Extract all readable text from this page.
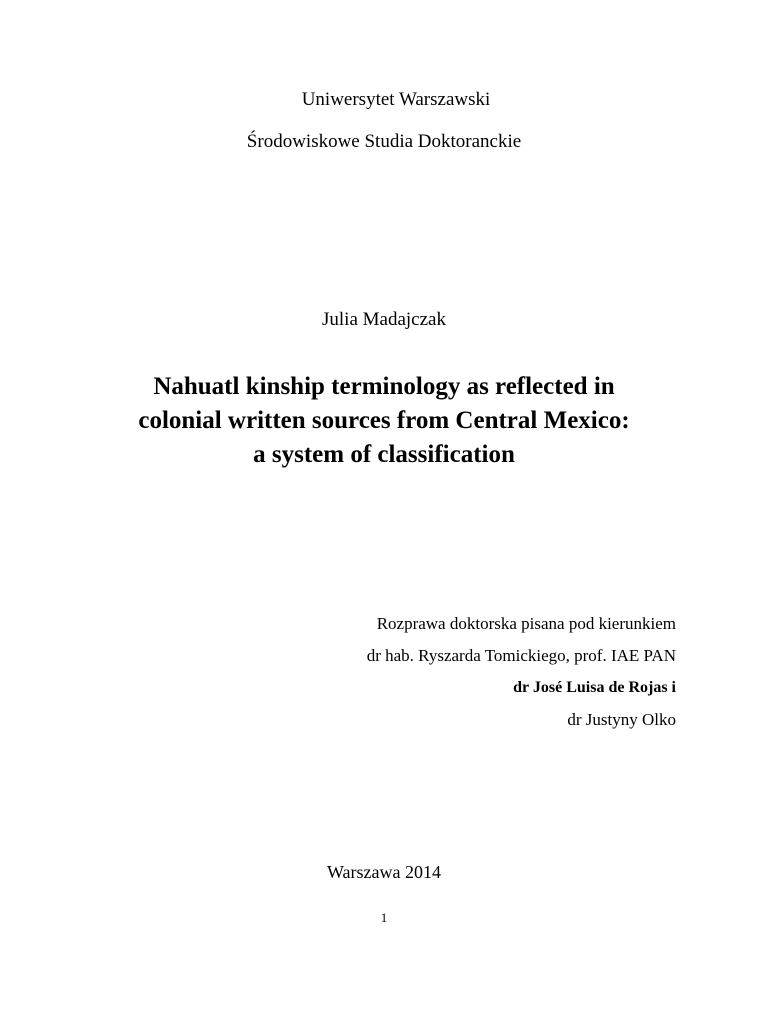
Uniwersytet Warszawski
Środowiskowe Studia Doktoranckie
Julia Madajczak
Nahuatl kinship terminology as reflected in
colonial written sources from Central Mexico:
a system of classification
Rozprawa doktorska pisana pod kierunkiem
dr hab. Ryszarda Tomickiego, prof. IAE PAN
dr José Luisa de Rojas i
dr Justyny Olko
Warszawa 2014
1
